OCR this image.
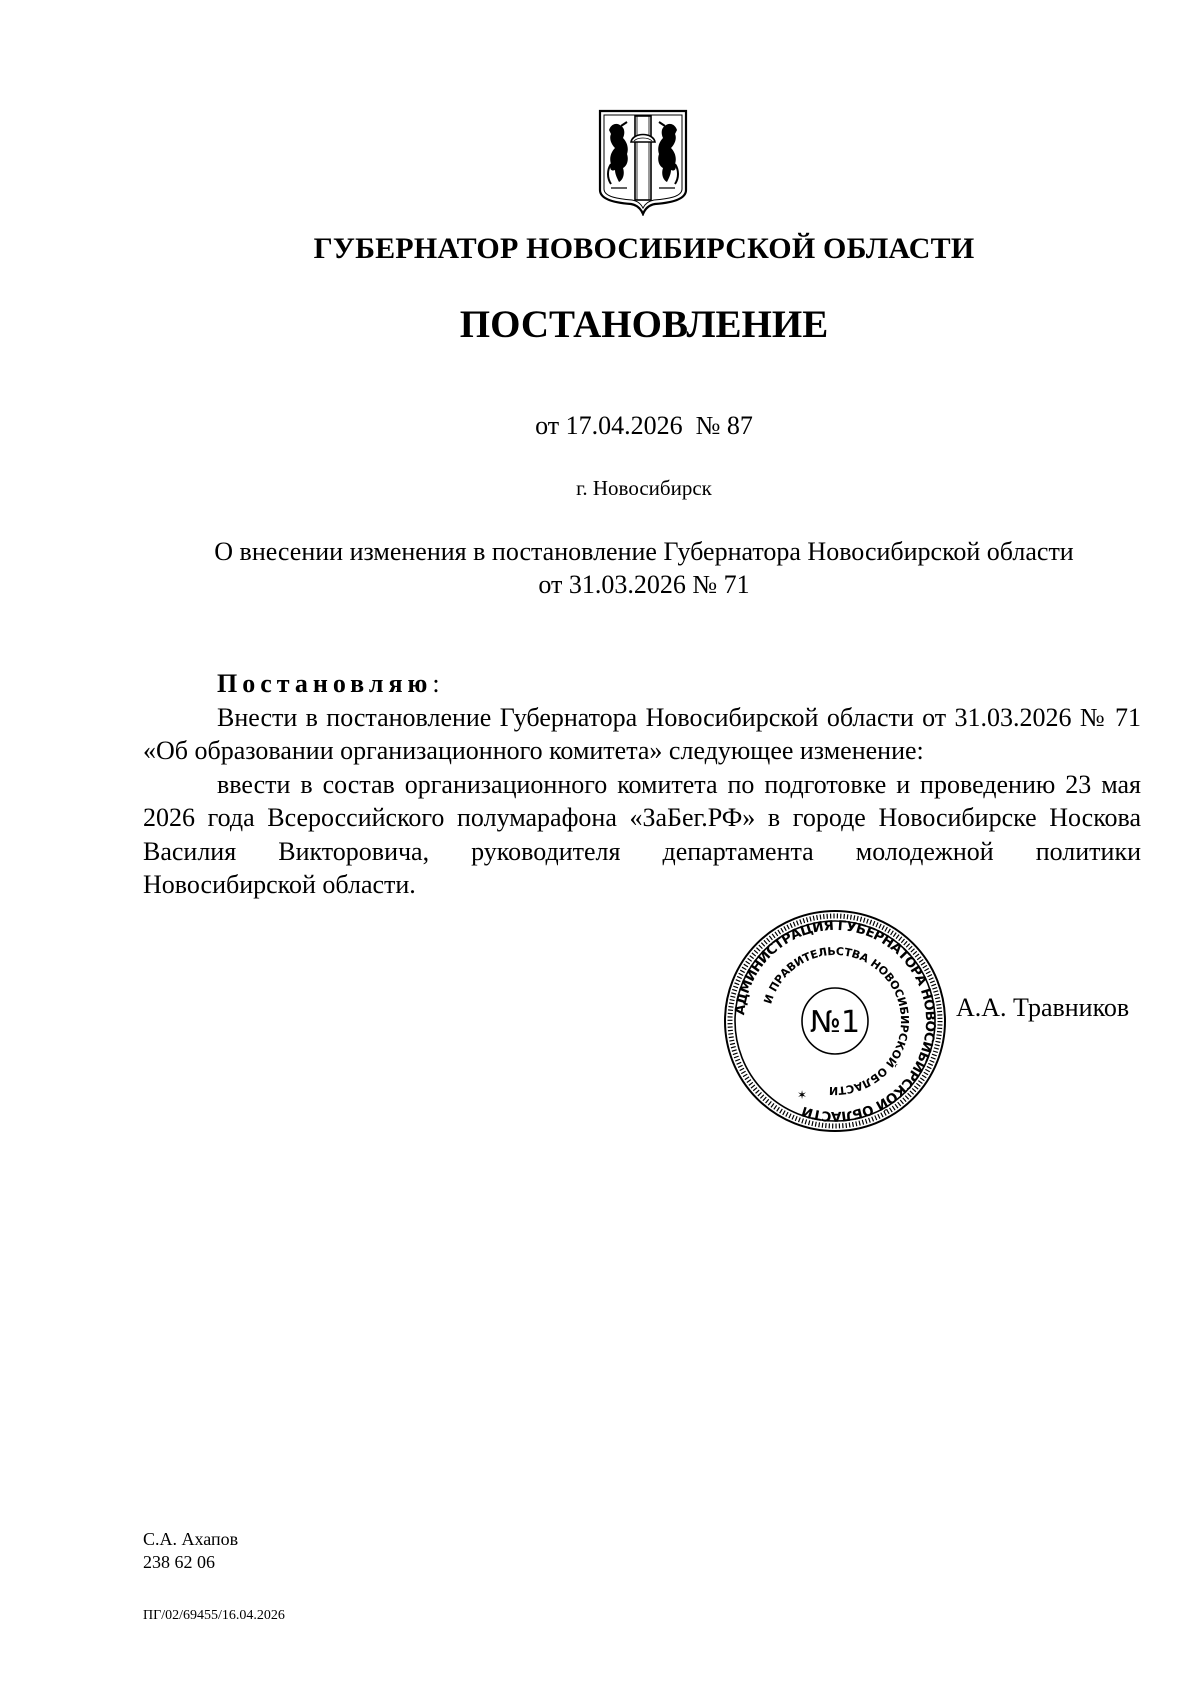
ГУБЕРНАТОР НОВОСИБИРСКОЙ ОБЛАСТИ
ПОСТАНОВЛЕНИЕ
от 17.04.2026  № 87
г. Новосибирск
О внесении изменения в постановление Губернатора Новосибирской области
от 31.03.2026 № 71
Постановляю:
Внести в постановление Губернатора Новосибирской области от 31.03.2026 № 71 «Об образовании организационного комитета» следующее изменение:
ввести в состав организационного комитета по подготовке и проведению 23 мая 2026 года Всероссийского полумарафона «ЗаБег.РФ» в городе Новосибирске Носкова Василия Викторовича, руководителя департамента молодежной политики Новосибирской области.
АДМИНИСТРАЦИЯ ГУБЕРНАТОРА НОВОСИБИРСКОЙ ОБЛАСТИ
И ПРАВИТЕЛЬСТВА НОВОСИБИРСКОЙ ОБЛАСТИ
№1
✶
А.А. Травников
С.А. Ахапов
238 62 06
ПГ/02/69455/16.04.2026
